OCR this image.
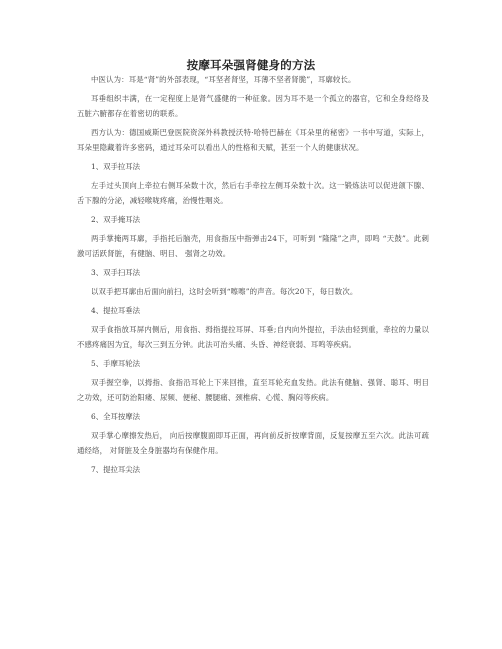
按摩耳朵强肾健身的方法

中医认为：耳是“肾”的外部表现，“耳坚者肾坚，耳薄不坚者肾脆”，耳廓较长。

耳垂组织丰满，在一定程度上是肾气盛健的一种征象。因为耳不是一个孤立的器官，它和全身经络及五脏六腑都存在着密切的联系。

西方认为：德国威斯巴登医院资深外科教授沃特·哈特巴赫在《耳朵里的秘密》一书中写道，实际上，耳朵里隐藏着许多密码，通过耳朵可以看出人的性格和天赋，甚至一个人的健康状况。

1、双手拉耳法

左手过头顶向上牵拉右侧耳朵数十次，然后右手牵拉左侧耳朵数十次。这一锻炼法可以促进颌下腺、舌下腺的分泌，减轻喉咙疼痛，治慢性咽炎。

2、双手掩耳法

两手掌掩两耳廓，手指托后脑壳，用食指压中指弹击24下，可听到 “隆隆”之声，即鸣 “天鼓”。此刺激可活跃肾脏，有健脑、明目、 强肾之功效。

3、双手扫耳法

以双手把耳廓由后面向前扫，这时会听到“嚓嚓”的声音。每次20下，每日数次。

4、提拉耳垂法

双手食指放耳屏内侧后，用食指、拇指提拉耳屏、耳垂;自内向外提拉，手法由轻到重，牵拉的力量以不感疼痛因为宜，每次三到五分钟。此法可治头痛、头昏、神经衰弱、耳鸣等疾病。

5、手摩耳轮法

双手握空拳，以拇指、食指沿耳轮上下来回推，直至耳轮充血发热。此法有健脑、强肾、聪耳、明目之功效，还可防治阳痿、尿频、便秘、腰腿痛、颈椎病、心慌、胸闷等疾病。

6、全耳按摩法

双手掌心摩擦发热后， 向后按摩腹面即耳正面，再向前反折按摩背面，反复按摩五至六次。此法可疏通经络， 对肾脏及全身脏器均有保健作用。

7、提拉耳尖法
